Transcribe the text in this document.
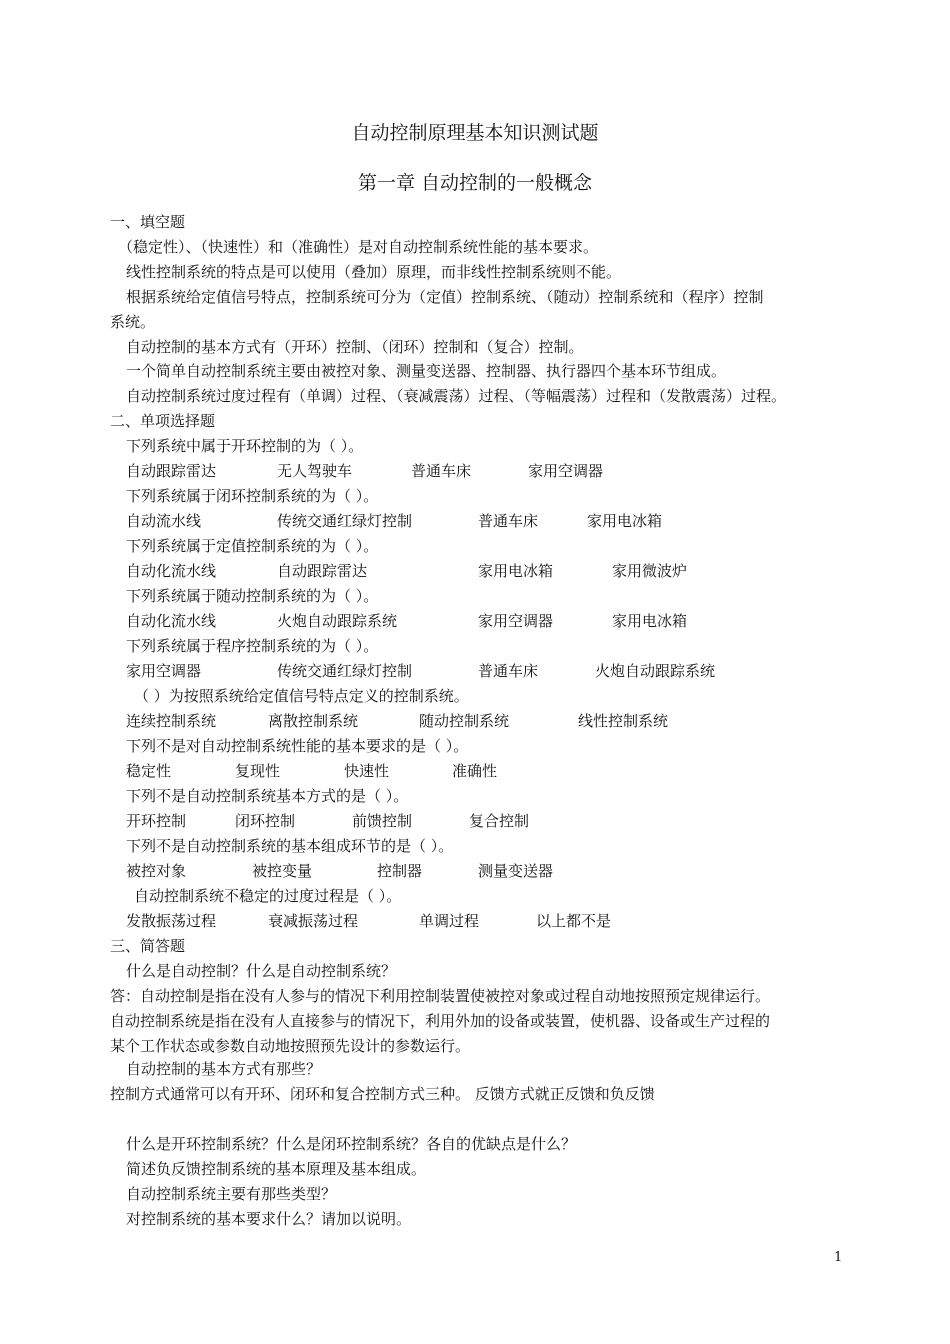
自动控制原理基本知识测试题
第一章 自动控制的一般概念
一、填空题
（稳定性）、（快速性）和（准确性）是对自动控制系统性能的基本要求。
线性控制系统的特点是可以使用（叠加）原理，而非线性控制系统则不能。
根据系统给定值信号特点，控制系统可分为（定值）控制系统、（随动）控制系统和（程序）控制
系统。
自动控制的基本方式有（开环）控制、（闭环）控制和（复合）控制。
一个简单自动控制系统主要由被控对象、测量变送器、控制器、执行器四个基本环节组成。
自动控制系统过度过程有（单调）过程、（衰减震荡）过程、（等幅震荡）过程和（发散震荡）过程。
二、单项选择题
下列系统中属于开环控制的为（ ）。
自动跟踪雷达	无人驾驶车	普通车床	家用空调器
下列系统属于闭环控制系统的为（ ）。
自动流水线	传统交通红绿灯控制	普通车床	家用电冰箱
下列系统属于定值控制系统的为（ ）。
自动化流水线	自动跟踪雷达	家用电冰箱	家用微波炉
下列系统属于随动控制系统的为（ ）。
自动化流水线	火炮自动跟踪系统	家用空调器	家用电冰箱
下列系统属于程序控制系统的为（ ）。
家用空调器	传统交通红绿灯控制	普通车床	火炮自动跟踪系统
（ ）为按照系统给定值信号特点定义的控制系统。
连续控制系统	离散控制系统	随动控制系统	线性控制系统
下列不是对自动控制系统性能的基本要求的是（ ）。
稳定性	复现性	快速性	准确性
下列不是自动控制系统基本方式的是（ ）。
开环控制	闭环控制	前馈控制	复合控制
下列不是自动控制系统的基本组成环节的是（ ）。
被控对象	被控变量	控制器	测量变送器
自动控制系统不稳定的过度过程是（ ）。
发散振荡过程	衰减振荡过程	单调过程	以上都不是
三、简答题
什么是自动控制？什么是自动控制系统？
答：自动控制是指在没有人参与的情况下利用控制装置使被控对象或过程自动地按照预定规律运行。
自动控制系统是指在没有人直接参与的情况下，利用外加的设备或装置，使机器、设备或生产过程的
某个工作状态或参数自动地按照预先设计的参数运行。
自动控制的基本方式有那些？
控制方式通常可以有开环、闭环和复合控制方式三种。 反馈方式就正反馈和负反馈
什么是开环控制系统？什么是闭环控制系统？各自的优缺点是什么？
简述负反馈控制系统的基本原理及基本组成。
自动控制系统主要有那些类型？
对控制系统的基本要求什么？请加以说明。
1
